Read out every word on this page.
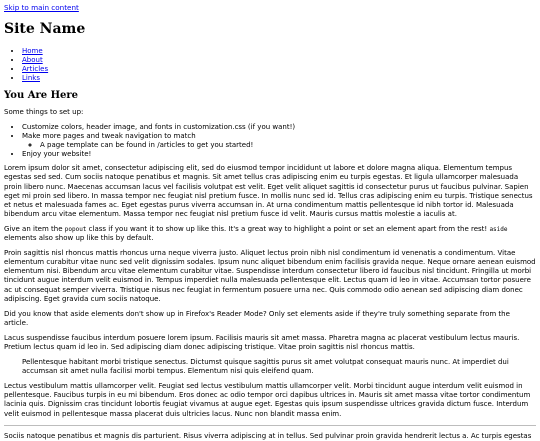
Skip to main content
Site Name
• Home
• About
• Articles
• Links
You Are Here

Some things to set up:

• Customize colors, header image, and fonts in customization.css (if you want!)
• Make more pages and tweak navigation to match
◦ A page template can be found in /articles to get you started!
• Enjoy your website!

Lorem ipsum dolor sit amet, consectetur adipiscing elit, sed do eiusmod tempor incididunt ut labore et dolore magna aliqua. Elementum tempus egestas sed sed. Cum sociis natoque penatibus et magnis. Sit amet tellus cras adipiscing enim eu turpis egestas. Et ligula ullamcorper malesuada proin libero nunc. Maecenas accumsan lacus vel facilisis volutpat est velit. Eget velit aliquet sagittis id consectetur purus ut faucibus pulvinar. Sapien eget mi proin sed libero. In massa tempor nec feugiat nisl pretium fusce. In mollis nunc sed id. Tellus cras adipiscing enim eu turpis. Tristique senectus et netus et malesuada fames ac. Eget egestas purus viverra accumsan in. At urna condimentum mattis pellentesque id nibh tortor id. Malesuada bibendum arcu vitae elementum. Massa tempor nec feugiat nisl pretium fusce id velit. Mauris cursus mattis molestie a iaculis at.

Give an item the popout class if you want it to show up like this. It's a great way to highlight a point or set an element apart from the rest! aside elements also show up like this by default.

Proin sagittis nisl rhoncus mattis rhoncus urna neque viverra justo. Aliquet lectus proin nibh nisl condimentum id venenatis a condimentum. Vitae elementum curabitur vitae nunc sed velit dignissim sodales. Ipsum nunc aliquet bibendum enim facilisis gravida neque. Neque ornare aenean euismod elementum nisi. Bibendum arcu vitae elementum curabitur vitae. Suspendisse interdum consectetur libero id faucibus nisl tincidunt. Fringilla ut morbi tincidunt augue interdum velit euismod in. Tempus imperdiet nulla malesuada pellentesque elit. Lectus quam id leo in vitae. Accumsan tortor posuere ac ut consequat semper viverra. Tristique nisus nec feugiat in fermentum posuere urna nec. Quis commodo odio aenean sed adipiscing diam donec adipiscing. Eget gravida cum sociis natoque.

Did you know that aside elements don't show up in Firefox's Reader Mode? Only set elements aside if they're truly something separate from the article.

Lacus suspendisse faucibus interdum posuere lorem ipsum. Facilisis mauris sit amet massa. Pharetra magna ac placerat vestibulum lectus mauris. Pretium lectus quam id leo in. Sed adipiscing diam donec adipiscing tristique. Vitae proin sagittis nisl rhoncus mattis.

Pellentesque habitant morbi tristique senectus. Dictumst quisque sagittis purus sit amet volutpat consequat mauris nunc. At imperdiet dui accumsan sit amet nulla facilisi morbi tempus. Elementum nisi quis eleifend quam.

Lectus vestibulum mattis ullamcorper velit. Feugiat sed lectus vestibulum mattis ullamcorper velit. Morbi tincidunt augue interdum velit euismod in pellentesque. Faucibus turpis in eu mi bibendum. Eros donec ac odio tempor orci dapibus ultrices in. Mauris sit amet massa vitae tortor condimentum lacinia quis. Dignissim cras tincidunt lobortis feugiat vivamus at augue eget. Egestas quis ipsum suspendisse ultrices gravida dictum fusce. Interdum velit euismod in pellentesque massa placerat duis ultricies lacus. Nunc non blandit massa enim.

Sociis natoque penatibus et magnis dis parturient. Risus viverra adipiscing at in tellus. Sed pulvinar proin gravida hendrerit lectus a. Ac turpis egestas
